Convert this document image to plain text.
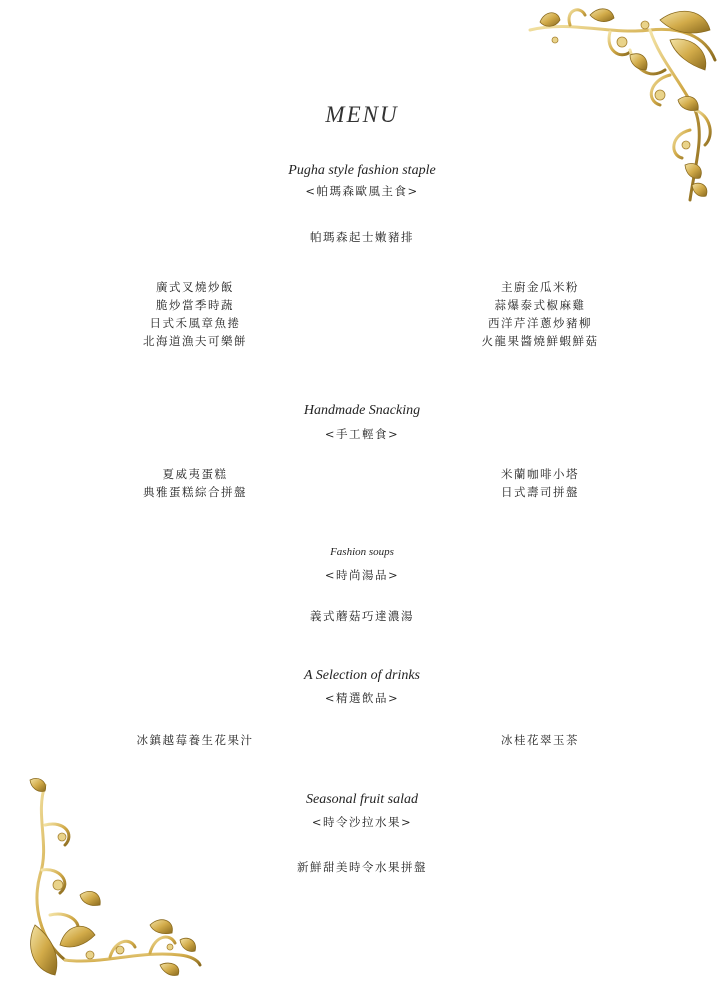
MENU
Pugha style fashion staple
<帕瑪森歐風主食>
帕瑪森起士嫩豬排
廣式叉燒炒飯
脆炒當季時蔬
日式禾風章魚捲
北海道漁夫可樂餅
主廚金瓜米粉
蒜爆泰式椒麻雞
西洋芹洋蔥炒豬柳
火龍果醬燒鮮蝦鮮菇
Handmade Snacking
<手工輕食>
夏威夷蛋糕
典雅蛋糕綜合拼盤
米蘭咖啡小塔
日式壽司拼盤
Fashion soups
<時尚湯品>
義式蘑菇巧達濃湯
A Selection of drinks
<精選飲品>
冰鎮越莓養生花果汁	冰桂花翠玉茶
Seasonal fruit salad
<時令沙拉水果>
新鮮甜美時令水果拼盤
